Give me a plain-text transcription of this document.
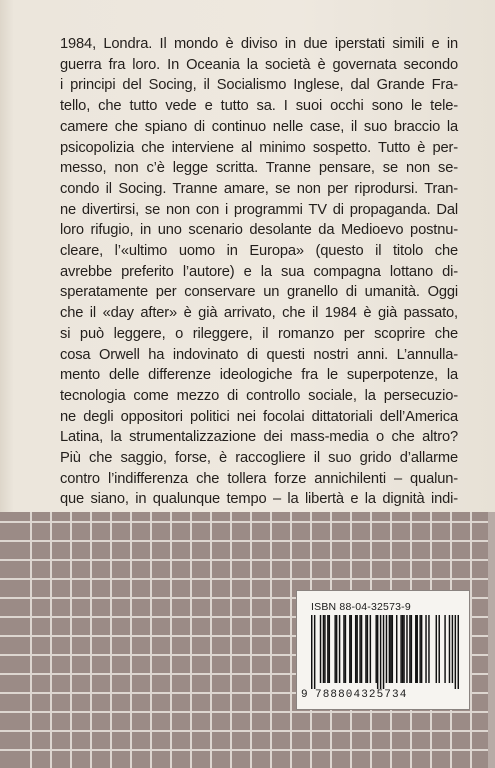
1984, Londra. Il mondo è diviso in due iperstati simili e in
guerra fra loro. In Oceania la società è governata secondo
i principi del Socing, il Socialismo Inglese, dal Grande Fra-
tello, che tutto vede e tutto sa. I suoi occhi sono le tele-
camere che spiano di continuo nelle case, il suo braccio la
psicopolizia che interviene al minimo sospetto. Tutto è per-
messo, non c’è legge scritta. Tranne pensare, se non se-
condo il Socing. Tranne amare, se non per riprodursi. Tran-
ne divertirsi, se non con i programmi TV di propaganda. Dal
loro rifugio, in uno scenario desolante da Medioevo postnu-
cleare, l’«ultimo uomo in Europa» (questo il titolo che
avrebbe preferito l’autore) e la sua compagna lottano di-
speratamente per conservare un granello di umanità. Oggi
che il «day after» è già arrivato, che il 1984 è già passato,
si può leggere, o rileggere, il romanzo per scoprire che
cosa Orwell ha indovinato di questi nostri anni. L’annulla-
mento delle differenze ideologiche fra le superpotenze, la
tecnologia come mezzo di controllo sociale, la persecuzio-
ne degli oppositori politici nei focolai dittatoriali dell’America
Latina, la strumentalizzazione dei mass-media o che altro?
Più che saggio, forse, è raccogliere il suo grido d’allarme
contro l’indifferenza che tollera forze annichilenti – qualun-
que siano, in qualunque tempo – la libertà e la dignità indi-

ISBN 88-04-32573-9
9 788804325734
